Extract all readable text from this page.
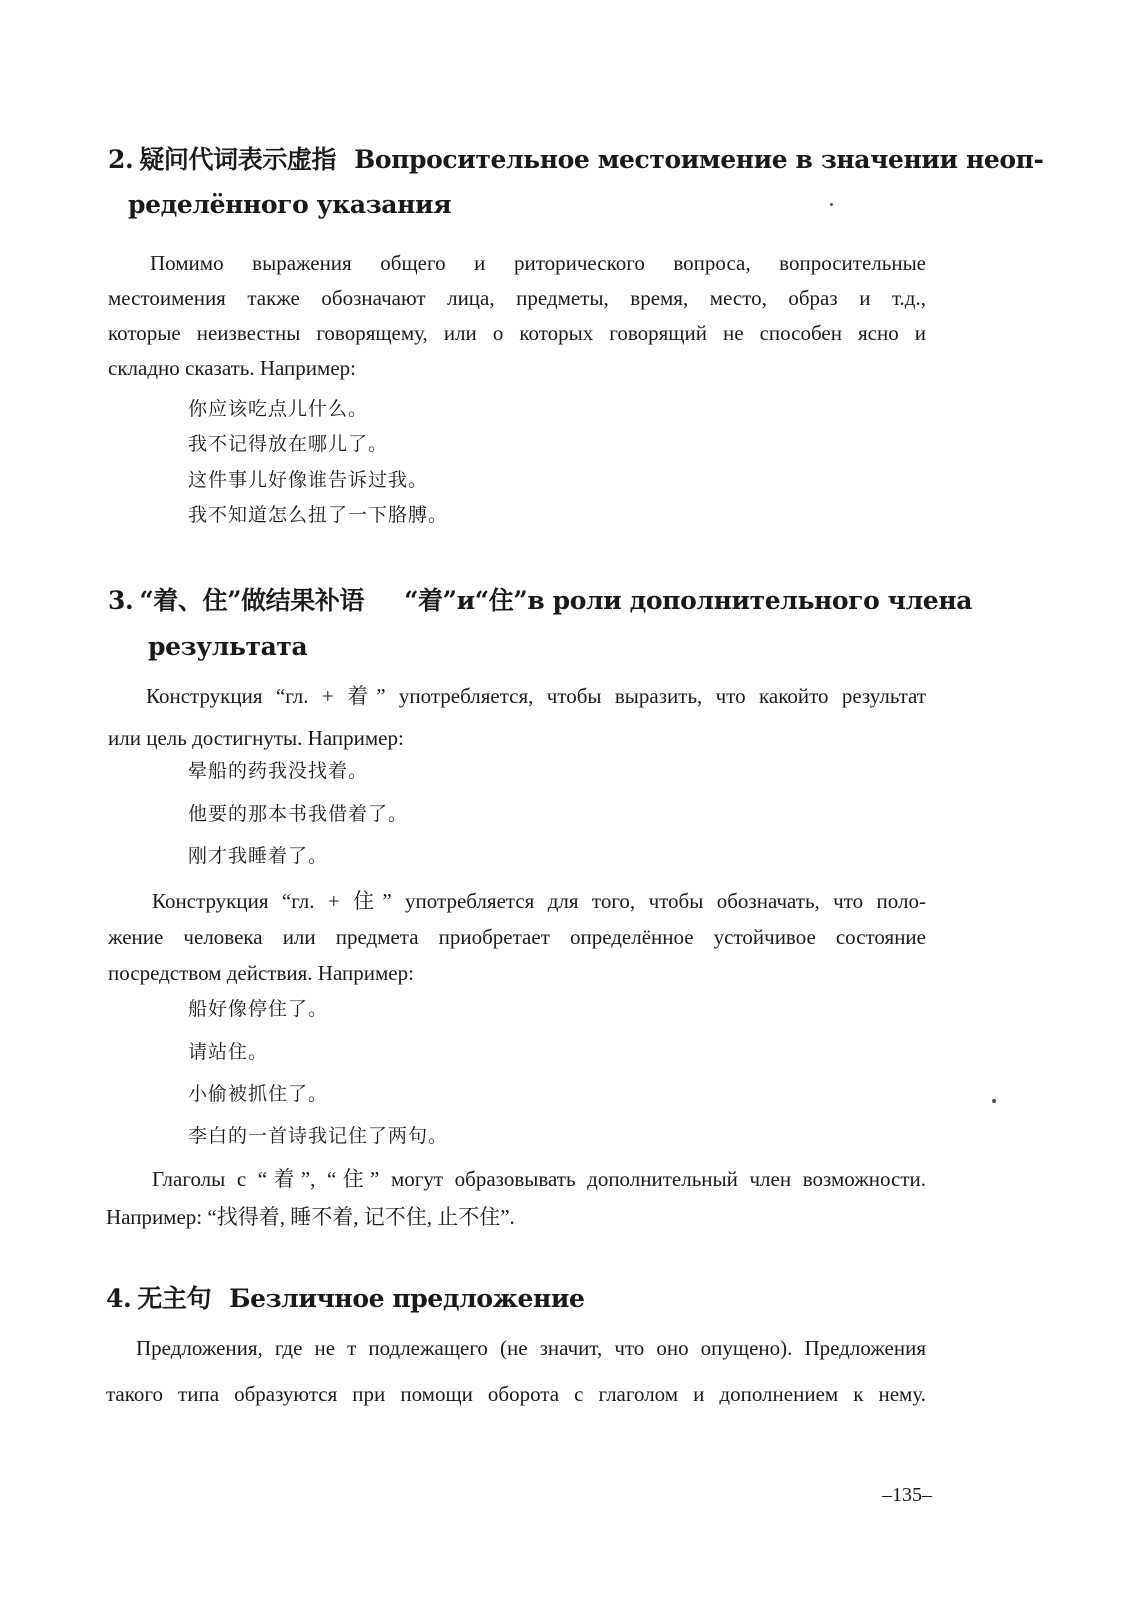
2. 疑问代词表示虚指 Вопросительное местоимение в значении неоп-
ределённого указания
Помимо выражения общего и риторического вопроса, вопросительные
местоимения также обозначают лица, предметы, время, место, образ и т.д.,
которые неизвестны говорящему, или о которых говорящий не способен ясно и
складно сказать. Например:
你应该吃点儿什么。
我不记得放在哪儿了。
这件事儿好像谁告诉过我。
我不知道怎么扭了一下胳膊。
3. “着、住”做结果补语 “着”и“住”в роли дополнительного члена
результата
Конструкция “гл. + 着” употребляется, чтобы выразить, что какойто результат
или цель достигнуты. Например:
晕船的药我没找着。
他要的那本书我借着了。
刚才我睡着了。
Конструкция “гл. + 住” употребляется для того, чтобы обозначать, что поло-
жение человека или предмета приобретает определённое устойчивое состояние
посредством действия. Например:
船好像停住了。
请站住。
小偷被抓住了。
李白的一首诗我记住了两句。
Глаголы с “着”, “住” могут образовывать дополнительный член возможности.
Например: “找得着, 睡不着, 记不住, 止不住”.
4. 无主句 Безличное предложение
Предложения, где не т подлежащего (не значит, что оно опущено). Предложения
такого типа образуются при помощи оборота с глаголом и дополнением к нему.
–135–
